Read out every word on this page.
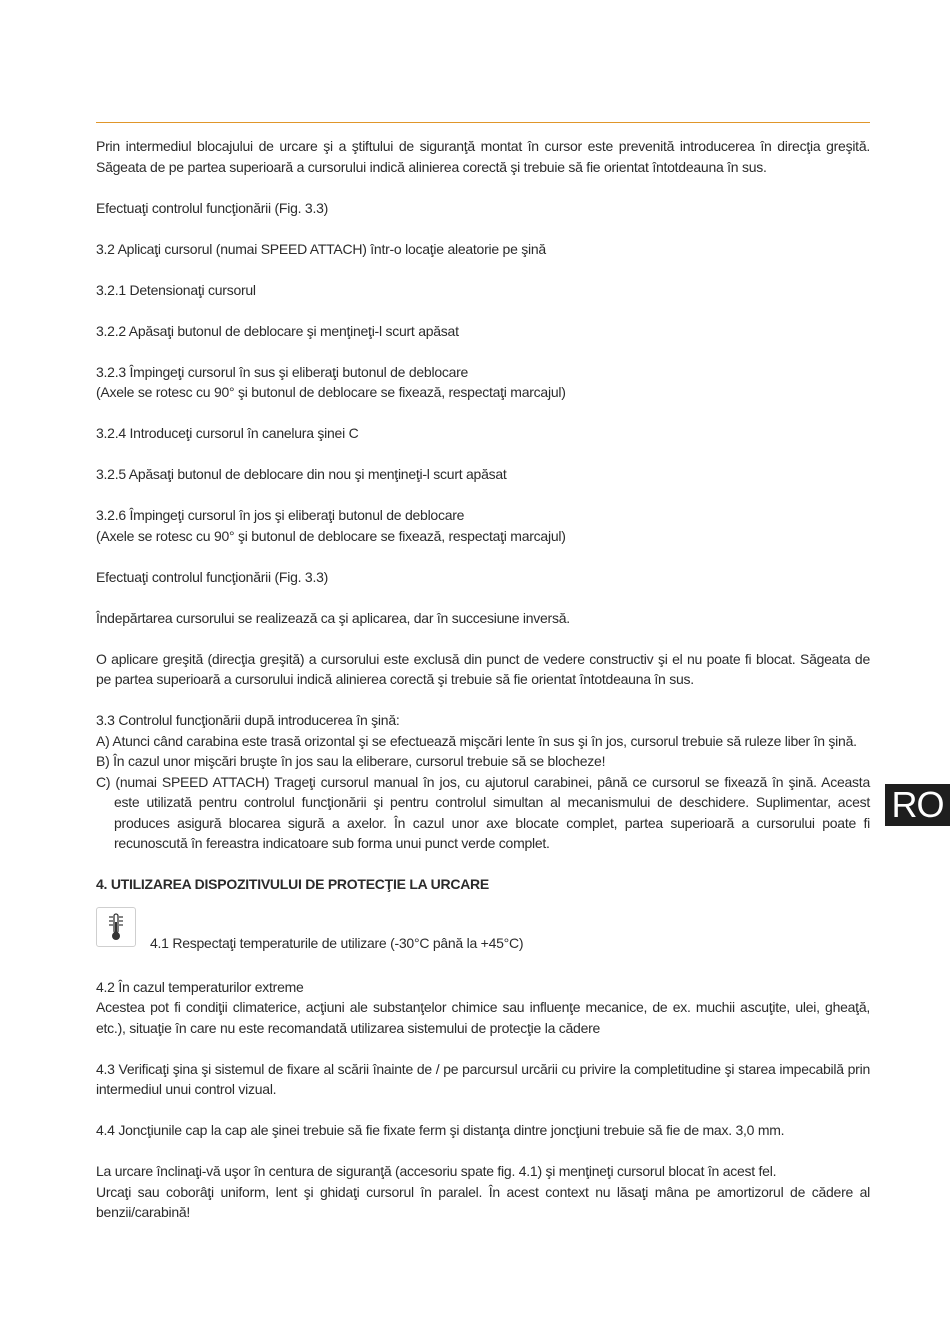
RO

Prin intermediul blocajului de urcare şi a ştiftului de siguranţă montat în cursor este prevenită introducerea în direcţia greşită. Săgeata de pe partea superioară a cursorului indică alinierea corectă şi trebuie să fie orientat întotdeauna în sus.

Efectuaţi controlul funcţionării (Fig. 3.3)

3.2 Aplicaţi cursorul (numai SPEED ATTACH) într-o locaţie aleatorie pe şină

3.2.1 Detensionaţi cursorul

3.2.2 Apăsaţi butonul de deblocare şi menţineţi-l scurt apăsat

3.2.3 Împingeţi cursorul în sus şi eliberaţi butonul de deblocare
(Axele se rotesc cu 90° şi butonul de deblocare se fixează, respectaţi marcajul)

3.2.4 Introduceţi cursorul în canelura şinei C

3.2.5 Apăsaţi butonul de deblocare din nou şi menţineţi-l scurt apăsat

3.2.6 Împingeţi cursorul în jos şi eliberaţi butonul de deblocare
(Axele se rotesc cu 90° şi butonul de deblocare se fixează, respectaţi marcajul)

Efectuaţi controlul funcţionării (Fig. 3.3)

Îndepărtarea cursorului se realizează ca şi aplicarea, dar în succesiune inversă.

O aplicare greşită (direcţia greşită) a cursorului este exclusă din punct de vedere constructiv şi el nu poate fi blocat. Săgeata de pe partea superioară a cursorului indică alinierea corectă şi trebuie să fie orientat întotdeauna în sus.

3.3 Controlul funcţionării după introducerea în şină:
A) Atunci când carabina este trasă orizontal şi se efectuează mişcări lente în sus şi în jos, cursorul trebuie să ruleze liber în şină.
B) În cazul unor mişcări bruşte în jos sau la eliberare, cursorul trebuie să se blocheze!

C) (numai SPEED ATTACH) Trageţi cursorul manual în jos, cu ajutorul carabinei, până ce cursorul se fixează în şină. Aceasta este utilizată pentru controlul funcţionării şi pentru controlul simultan al mecanismului de deschidere. Suplimentar, acest produces asigură blocarea sigură a axelor. În cazul unor axe blocate complet, partea superioară a cursorului poate fi recunoscută în fereastra indicatoare sub forma unui punct verde complet.

4. UTILIZAREA DISPOZITIVULUI DE PROTECŢIE LA URCARE

4.1 Respectaţi temperaturile de utilizare (-30°C până la +45°C)

4.2 În cazul temperaturilor extreme
Acestea pot fi condiţii climaterice, acţiuni ale substanţelor chimice sau influenţe mecanice, de ex. muchii ascuţite, ulei, gheaţă, etc.), situaţie în care nu este recomandată utilizarea sistemului de protecţie la cădere

4.3 Verificaţi şina şi sistemul de fixare al scării înainte de / pe parcursul urcării cu privire la completitudine şi starea impecabilă prin intermediul unui control vizual.

4.4 Joncţiunile cap la cap ale şinei trebuie să fie fixate ferm şi distanţa dintre joncţiuni trebuie să fie de max. 3,0 mm.

La urcare înclinaţi-vă uşor în centura de siguranţă (accesoriu spate fig. 4.1) şi menţineţi cursorul blocat în acest fel.
Urcaţi sau coborâţi uniform, lent şi ghidaţi cursorul în paralel. În acest context nu lăsaţi mâna pe amortizorul de cădere al benzii/carabină!
